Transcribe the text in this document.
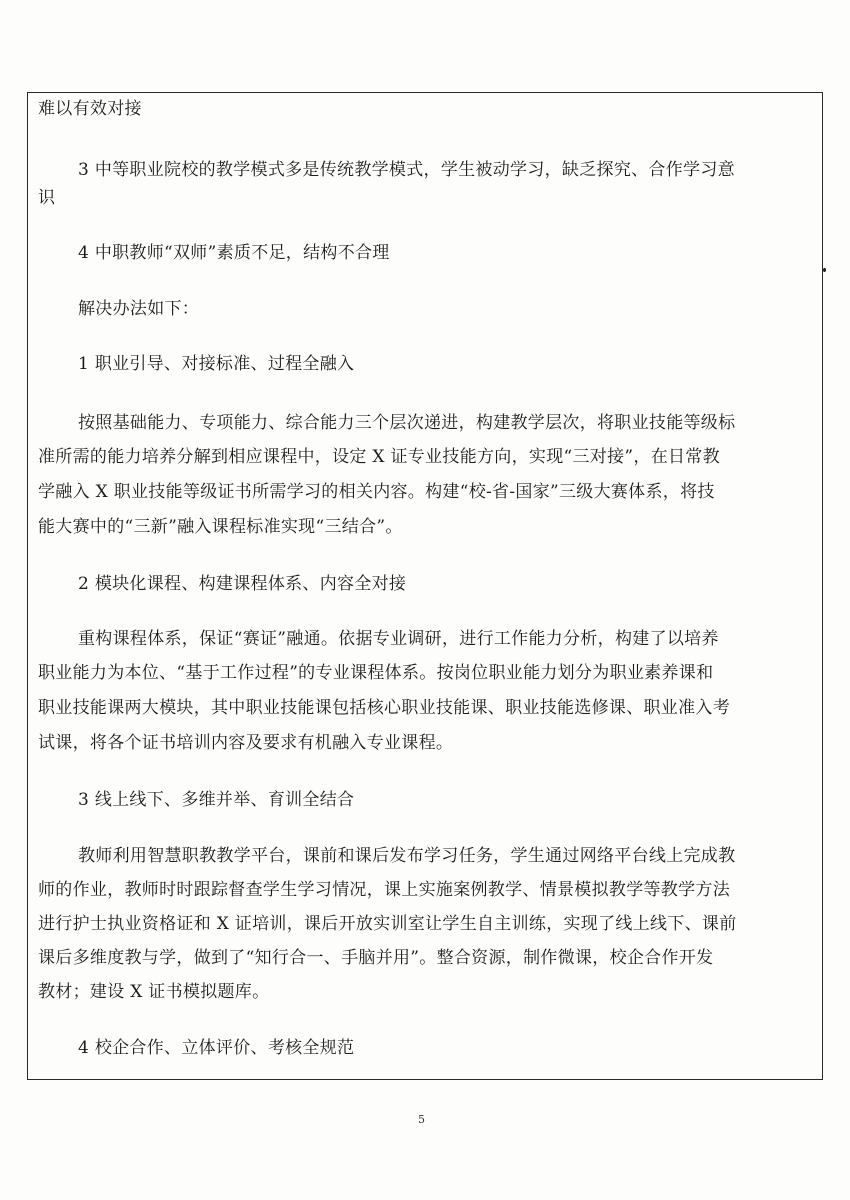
难以有效对接
3 中等职业院校的教学模式多是传统教学模式，学生被动学习，缺乏探究、合作学习意
识
4 中职教师“双师”素质不足，结构不合理
解决办法如下：
1 职业引导、对接标准、过程全融入
按照基础能力、专项能力、综合能力三个层次递进，构建教学层次，将职业技能等级标
准所需的能力培养分解到相应课程中，设定 X 证专业技能方向，实现“三对接”，在日常教
学融入 X 职业技能等级证书所需学习的相关内容。构建“校-省-国家”三级大赛体系，将技
能大赛中的“三新”融入课程标准实现“三结合”。
2 模块化课程、构建课程体系、内容全对接
重构课程体系，保证“赛证”融通。依据专业调研，进行工作能力分析，构建了以培养
职业能力为本位、“基于工作过程”的专业课程体系。按岗位职业能力划分为职业素养课和
职业技能课两大模块，其中职业技能课包括核心职业技能课、职业技能选修课、职业准入考
试课，将各个证书培训内容及要求有机融入专业课程。
3 线上线下、多维并举、育训全结合
教师利用智慧职教教学平台，课前和课后发布学习任务，学生通过网络平台线上完成教
师的作业，教师时时跟踪督查学生学习情况，课上实施案例教学、情景模拟教学等教学方法
进行护士执业资格证和 X 证培训，课后开放实训室让学生自主训练，实现了线上线下、课前
课后多维度教与学，做到了“知行合一、手脑并用”。整合资源，制作微课，校企合作开发
教材；建设 X 证书模拟题库。
4 校企合作、立体评价、考核全规范
5
